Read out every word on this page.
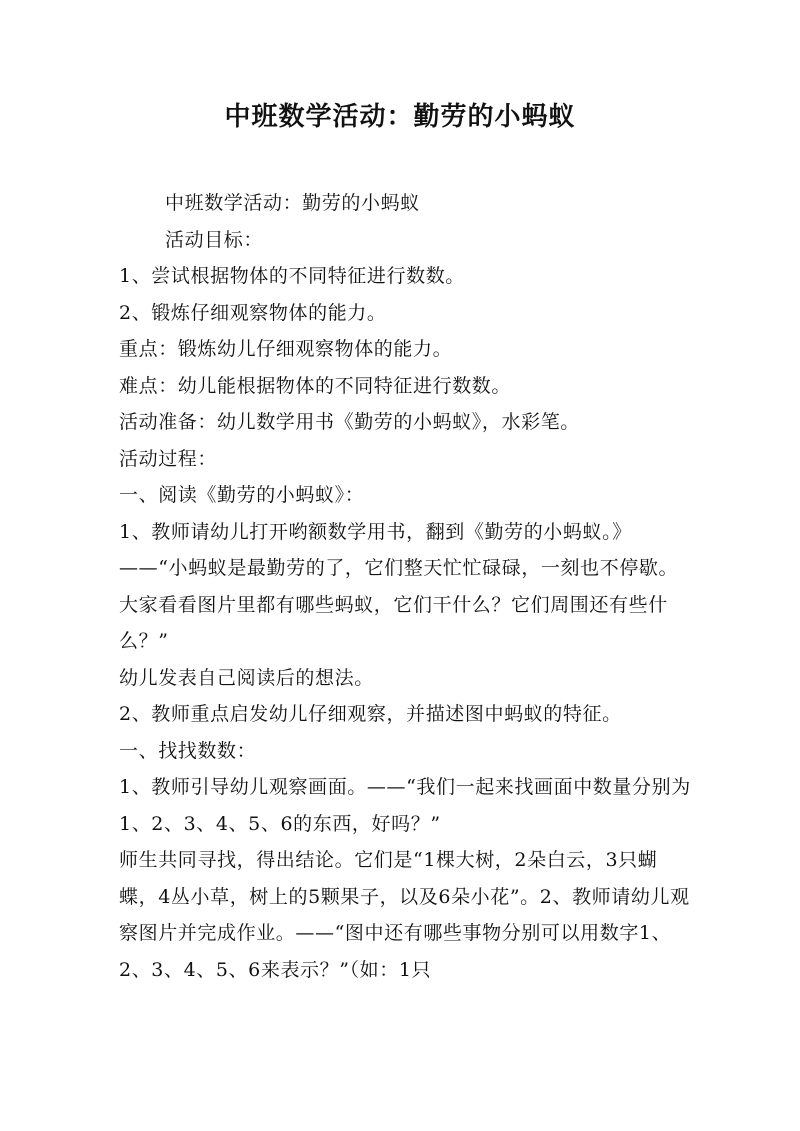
中班数学活动：勤劳的小蚂蚁

中班数学活动：勤劳的小蚂蚁

活动目标：

1、尝试根据物体的不同特征进行数数。

2、锻炼仔细观察物体的能力。

重点：锻炼幼儿仔细观察物体的能力。

难点：幼儿能根据物体的不同特征进行数数。

活动准备：幼儿数学用书《勤劳的小蚂蚁》，水彩笔。

活动过程：

一、阅读《勤劳的小蚂蚁》：

1、教师请幼儿打开哟额数学用书，翻到《勤劳的小蚂蚁。》——“小蚂蚁是最勤劳的了，它们整天忙忙碌碌，一刻也不停歇。大家看看图片里都有哪些蚂蚁，它们干什么？它们周围还有些什么？”

幼儿发表自己阅读后的想法。

2、教师重点启发幼儿仔细观察，并描述图中蚂蚁的特征。

一、找找数数：

1、教师引导幼儿观察画面。——“我们一起来找画面中数量分别为1、2、3、4、5、6的东西，好吗？”

师生共同寻找，得出结论。它们是“1棵大树，2朵白云，3只蝴蝶，4丛小草，树上的5颗果子，以及6朵小花”。2、教师请幼儿观察图片并完成作业。——“图中还有哪些事物分别可以用数字1、2、3、4、5、6来表示？”（如：1只
